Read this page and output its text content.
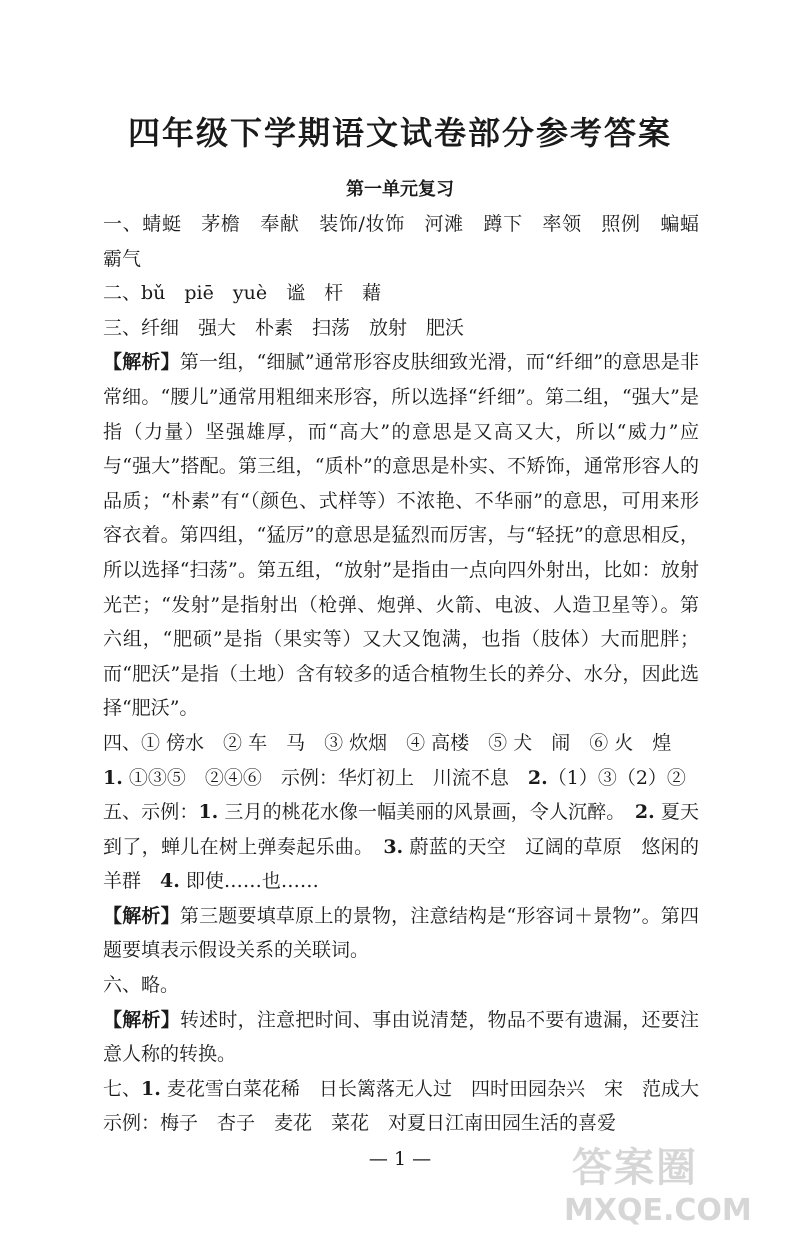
四年级下学期语文试卷部分参考答案
第一单元复习

一、蜻蜓　茅檐　奉献　装饰/妆饰　河滩　蹲下　率领　照例　蝙蝠　霸气

二、bǔ　piē　yuè　谧　杆　藉

三、纤细　强大　朴素　扫荡　放射　肥沃

【解析】第一组，“细腻”通常形容皮肤细致光滑，而“纤细”的意思是非常细。“腰儿”通常用粗细来形容，所以选择“纤细”。第二组，“强大”是指（力量）坚强雄厚，而“高大”的意思是又高又大，所以“威力”应与“强大”搭配。第三组，“质朴”的意思是朴实、不矫饰，通常形容人的品质；“朴素”有“（颜色、式样等）不浓艳、不华丽”的意思，可用来形容衣着。第四组，“猛厉”的意思是猛烈而厉害，与“轻抚”的意思相反，所以选择“扫荡”。第五组，“放射”是指由一点向四外射出，比如：放射光芒；“发射”是指射出（枪弹、炮弹、火箭、电波、人造卫星等）。第六组，“肥硕”是指（果实等）又大又饱满，也指（肢体）大而肥胖；而“肥沃”是指（土地）含有较多的适合植物生长的养分、水分，因此选择“肥沃”。

四、① 傍水　② 车　马　③ 炊烟　④ 高楼　⑤ 犬　闹　⑥ 火　煌

1. ①③⑤　②④⑥　示例：华灯初上　川流不息　2.（1）③（2）②

五、示例：1. 三月的桃花水像一幅美丽的风景画，令人沉醉。　2. 夏天到了，蝉儿在树上弹奏起乐曲。　3. 蔚蓝的天空　辽阔的草原　悠闲的羊群　4. 即使……也……

【解析】第三题要填草原上的景物，注意结构是“形容词＋景物”。第四题要填表示假设关系的关联词。

六、略。

【解析】转述时，注意把时间、事由说清楚，物品不要有遗漏，还要注意人称的转换。

七、1. 麦花雪白菜花稀　日长篱落无人过　四时田园杂兴　宋　范成大　示例：梅子　杏子　麦花　菜花　对夏日江南田园生活的喜爱

— 1 —	答案圈
MXQE.COM
